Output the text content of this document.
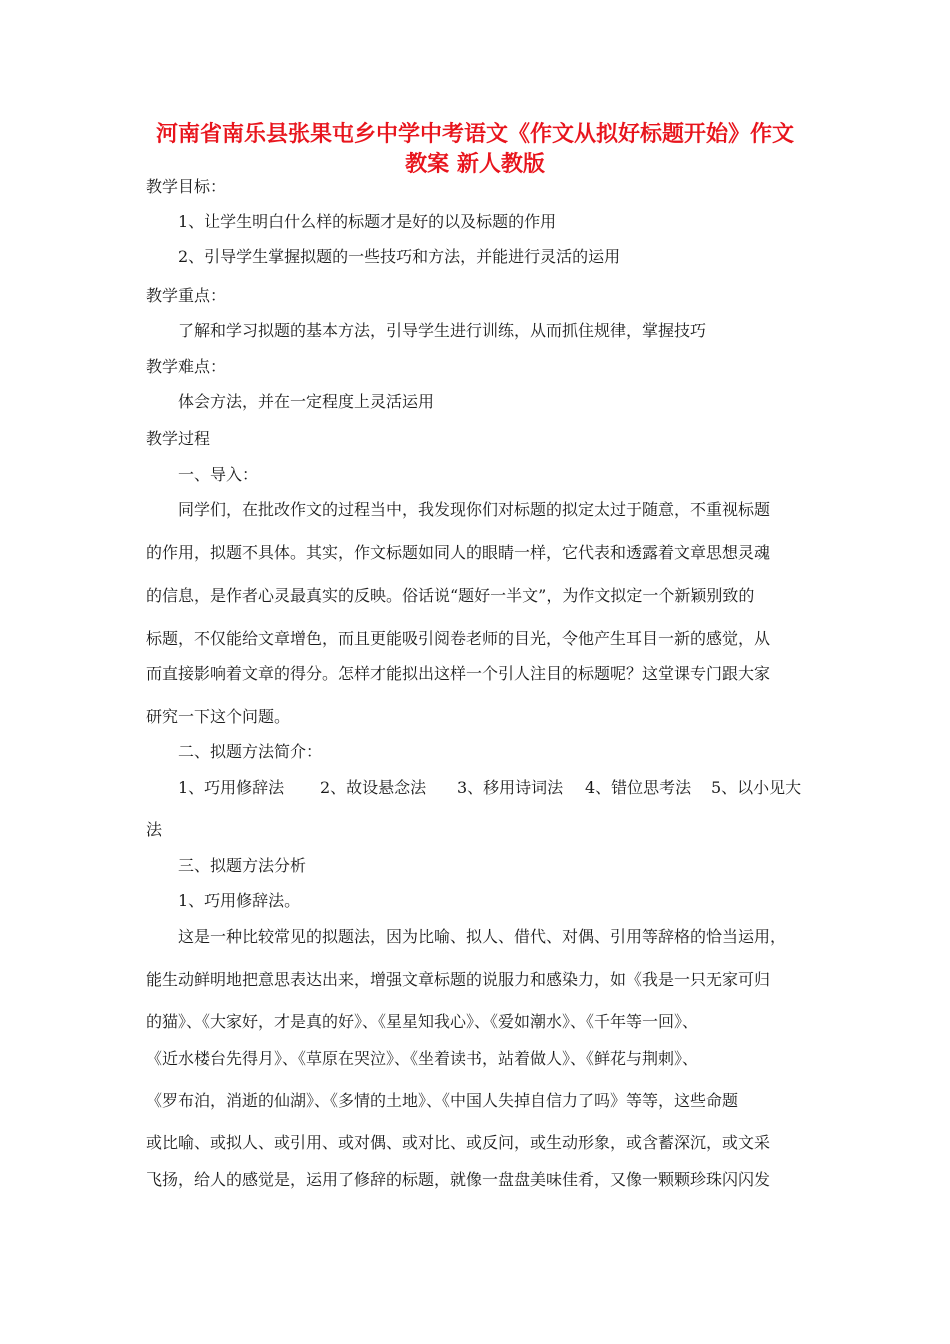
河南省南乐县张果屯乡中学中考语文《作文从拟好标题开始》作文
教案 新人教版

教学目标：

1、让学生明白什么样的标题才是好的以及标题的作用

2、引导学生掌握拟题的一些技巧和方法，并能进行灵活的运用

教学重点：

了解和学习拟题的基本方法，引导学生进行训练，从而抓住规律，掌握技巧

教学难点：

体会方法，并在一定程度上灵活运用

教学过程

一、导入：

同学们，在批改作文的过程当中，我发现你们对标题的拟定太过于随意，不重视标题

的作用，拟题不具体。其实，作文标题如同人的眼睛一样，它代表和透露着文章思想灵魂

的信息，是作者心灵最真实的反映。俗话说“题好一半文”，为作文拟定一个新颖别致的

标题，不仅能给文章增色，而且更能吸引阅卷老师的目光，令他产生耳目一新的感觉，从

而直接影响着文章的得分。怎样才能拟出这样一个引人注目的标题呢？这堂课专门跟大家

研究一下这个问题。

二、拟题方法简介：

1、巧用修辞法 2、故设悬念法 3、移用诗词法 4、错位思考法 5、以小见大

法

三、拟题方法分析

1、巧用修辞法。

这是一种比较常见的拟题法，因为比喻、拟人、借代、对偶、引用等辞格的恰当运用，

能生动鲜明地把意思表达出来，增强文章标题的说服力和感染力，如《我是一只无家可归

的猫》、《大家好，才是真的好》、《星星知我心》、《爱如潮水》、《千年等一回》、

《近水楼台先得月》、《草原在哭泣》、《坐着读书，站着做人》、《鲜花与荆刺》、

《罗布泊，消逝的仙湖》、《多情的土地》、《中国人失掉自信力了吗》等等，这些命题

或比喻、或拟人、或引用、或对偶、或对比、或反问，或生动形象，或含蓄深沉，或文采

飞扬，给人的感觉是，运用了修辞的标题，就像一盘盘美味佳肴，又像一颗颗珍珠闪闪发
